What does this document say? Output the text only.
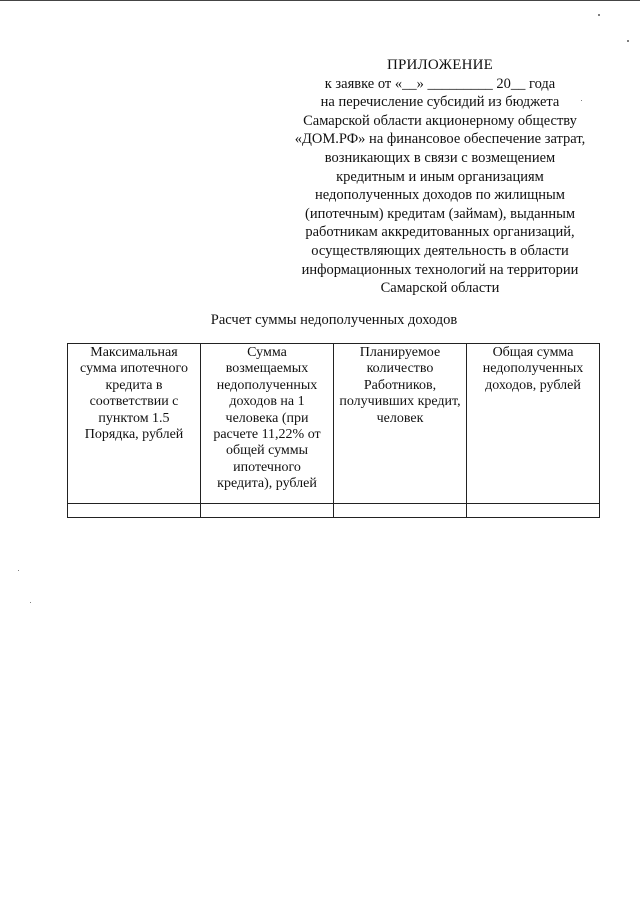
ПРИЛОЖЕНИЕ
к заявке от «__» _________ 20__ года
на перечисление субсидий из бюджета
Самарской области акционерному обществу
«ДОМ.РФ» на финансовое обеспечение затрат,
возникающих в связи с возмещением
кредитным и иным организациям
недополученных доходов по жилищным
(ипотечным) кредитам (займам), выданным
работникам аккредитованных организаций,
осуществляющих деятельность в области
информационных технологий на территории
Самарской области
Расчет суммы недополученных доходов
Максимальная сумма ипотечного кредита в соответствии с пунктом 1.5 Порядка, рублей	Сумма возмещаемых недополученных доходов на 1 человека (при расчете 11,22% от общей суммы ипотечного кредита), рублей	Планируемое количество Работников, получивших кредит, человек	Общая сумма недополученных доходов, рублей
